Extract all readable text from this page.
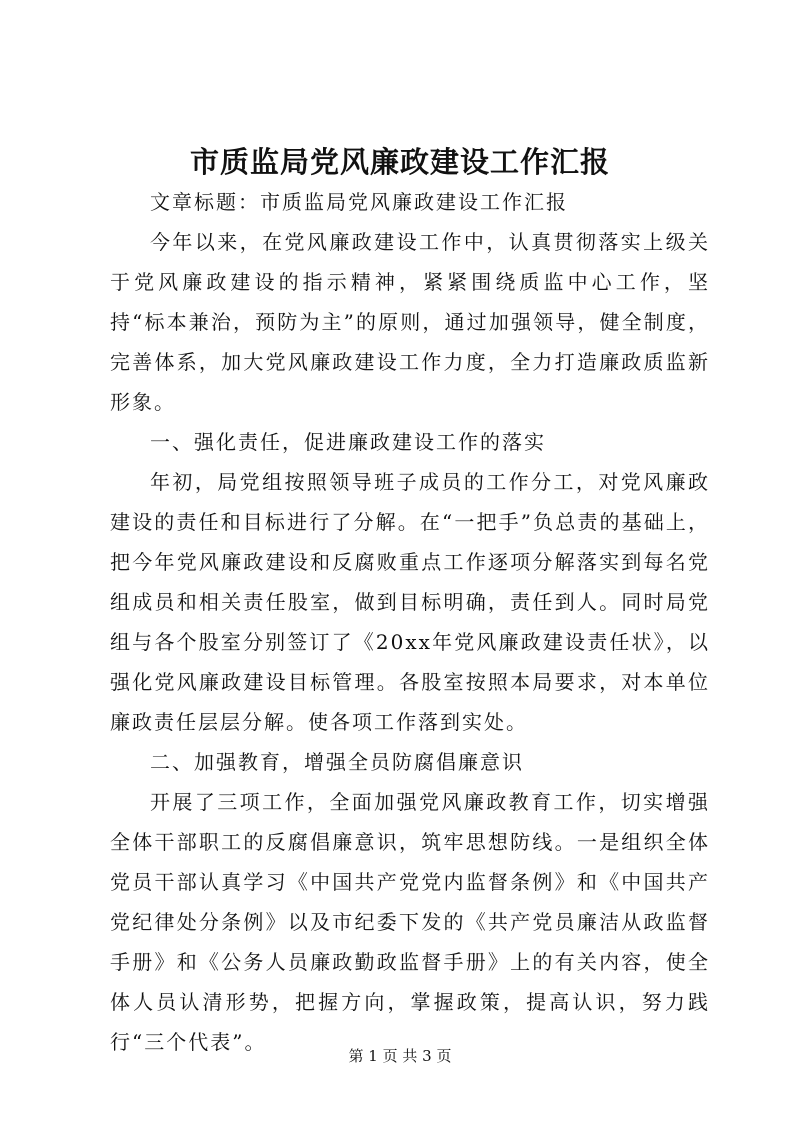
市质监局党风廉政建设工作汇报

文章标题：市质监局党风廉政建设工作汇报

今年以来，在党风廉政建设工作中，认真贯彻落实上级关于党风廉政建设的指示精神，紧紧围绕质监中心工作，坚持“标本兼治，预防为主”的原则，通过加强领导，健全制度，完善体系，加大党风廉政建设工作力度，全力打造廉政质监新形象。

一、强化责任，促进廉政建设工作的落实

年初，局党组按照领导班子成员的工作分工，对党风廉政建设的责任和目标进行了分解。在“一把手”负总责的基础上，把今年党风廉政建设和反腐败重点工作逐项分解落实到每名党组成员和相关责任股室，做到目标明确，责任到人。同时局党组与各个股室分别签订了《20xx年党风廉政建设责任状》，以强化党风廉政建设目标管理。各股室按照本局要求，对本单位廉政责任层层分解。使各项工作落到实处。

二、加强教育，增强全员防腐倡廉意识

开展了三项工作，全面加强党风廉政教育工作，切实增强全体干部职工的反腐倡廉意识，筑牢思想防线。一是组织全体党员干部认真学习《中国共产党党内监督条例》和《中国共产党纪律处分条例》以及市纪委下发的《共产党员廉洁从政监督手册》和《公务人员廉政勤政监督手册》上的有关内容，使全体人员认清形势，把握方向，掌握政策，提高认识，努力践行“三个代表”。

第 1 页 共 3 页
